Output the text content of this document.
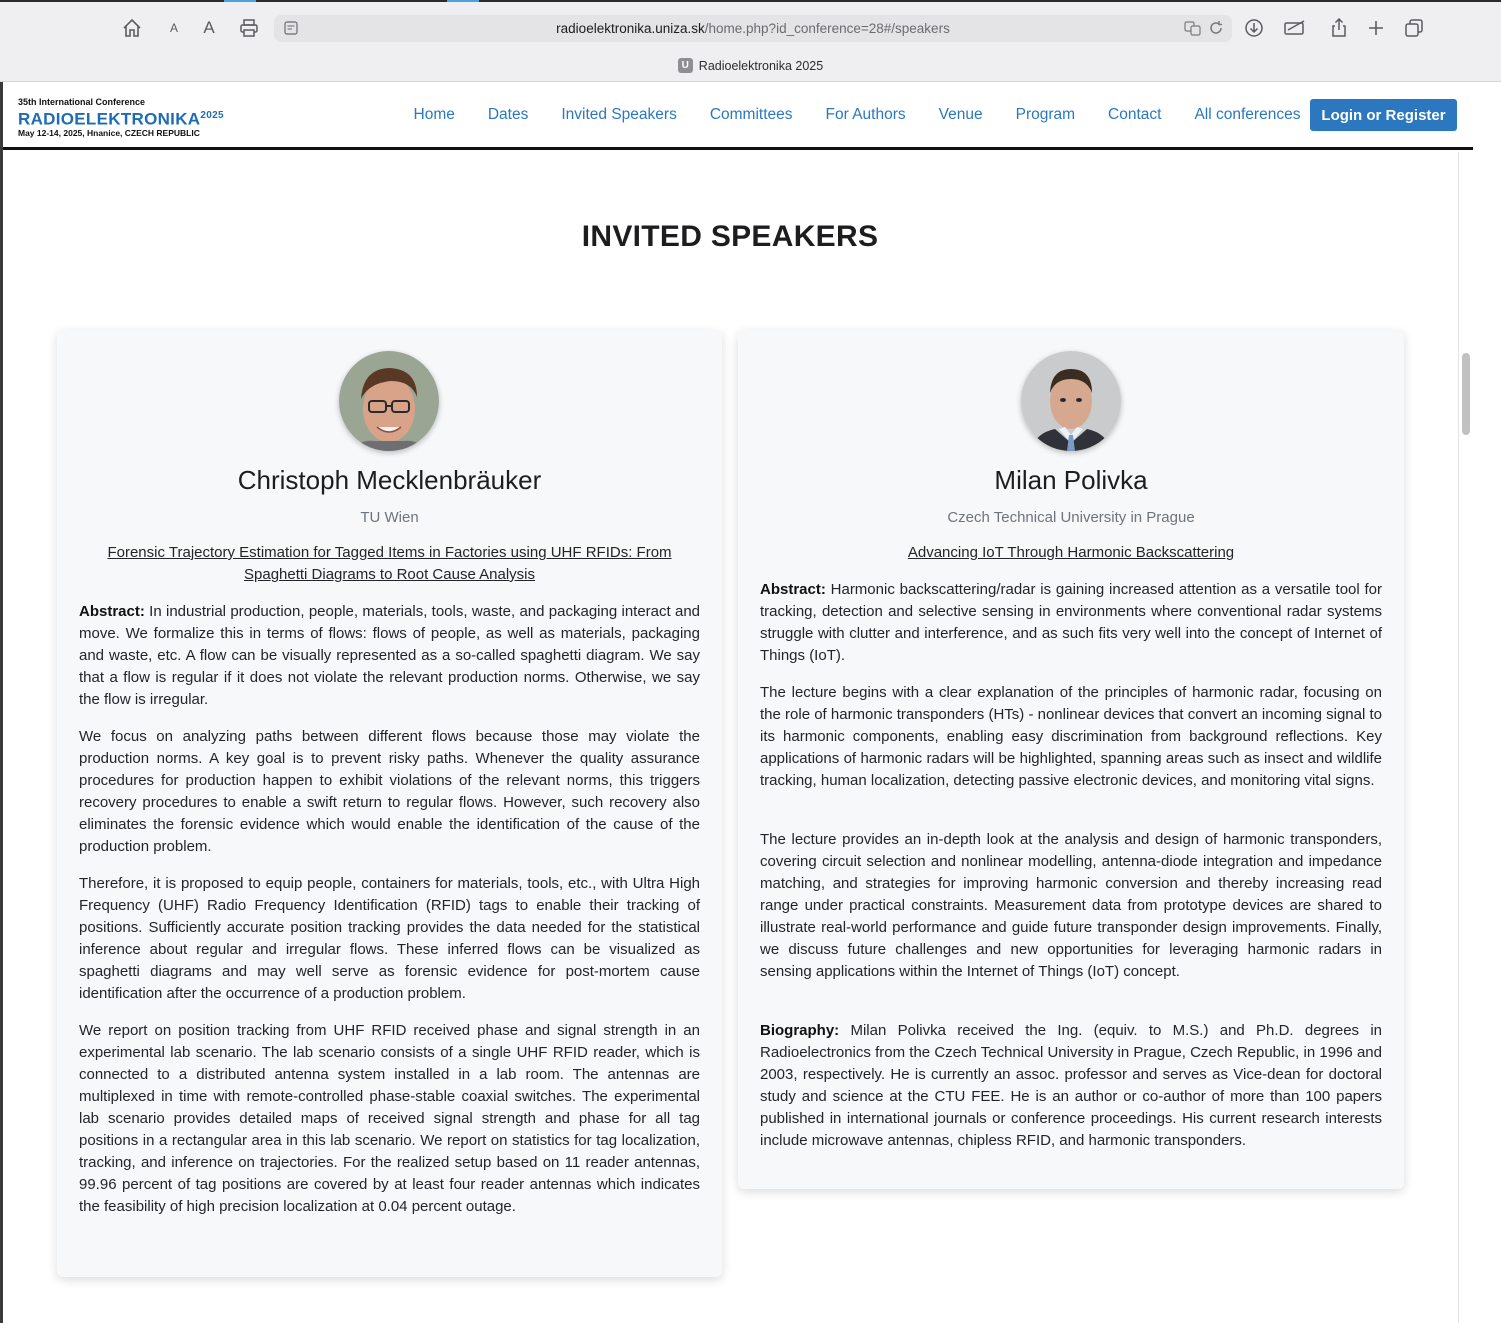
A	A	radioelektronika.uniza.sk /home.php?id_conference=28#/speakers
U Radioelektronika 2025
35th International Conference
$RADIOELEKTRONIKA^{2025}$
May 12-14, 2025, Hnanice, CZECH REPUBLIC
Home	Dates	Invited Speakers	Committees	For Authors	Venue	Program	Contact	All conferences	Login or Register
INVITED SPEAKERS
Christoph Mecklenbräuker
TU Wien
Forensic Trajectory Estimation for Tagged Items in Factories using UHF RFIDs: From Spaghetti Diagrams to Root Cause Analysis

Abstract: In industrial production, people, materials, tools, waste, and packaging interact and move. We formalize this in terms of flows: flows of people, as well as materials, packaging and waste, etc. A flow can be visually represented as a so-called spaghetti diagram. We say that a flow is regular if it does not violate the relevant production norms. Otherwise, we say the flow is irregular.

We focus on analyzing paths between different flows because those may violate the production norms. A key goal is to prevent risky paths. Whenever the quality assurance procedures for production happen to exhibit violations of the relevant norms, this triggers recovery procedures to enable a swift return to regular flows. However, such recovery also eliminates the forensic evidence which would enable the identification of the cause of the production problem.

Therefore, it is proposed to equip people, containers for materials, tools, etc., with Ultra High Frequency (UHF) Radio Frequency Identification (RFID) tags to enable their tracking of positions. Sufficiently accurate position tracking provides the data needed for the statistical inference about regular and irregular flows. These inferred flows can be visualized as spaghetti diagrams and may well serve as forensic evidence for post-mortem cause identification after the occurrence of a production problem.

We report on position tracking from UHF RFID received phase and signal strength in an experimental lab scenario. The lab scenario consists of a single UHF RFID reader, which is connected to a distributed antenna system installed in a lab room. The antennas are multiplexed in time with remote-controlled phase-stable coaxial switches. The experimental lab scenario provides detailed maps of received signal strength and phase for all tag positions in a rectangular area in this lab scenario. We report on statistics for tag localization, tracking, and inference on trajectories. For the realized setup based on 11 reader antennas, 99.96 percent of tag positions are covered by at least four reader antennas which indicates the feasibility of high precision localization at 0.04 percent outage.

Milan Polivka
Czech Technical University in Prague
Advancing IoT Through Harmonic Backscattering

Abstract: Harmonic backscattering/radar is gaining increased attention as a versatile tool for tracking, detection and selective sensing in environments where conventional radar systems struggle with clutter and interference, and as such fits very well into the concept of Internet of Things (IoT).

The lecture begins with a clear explanation of the principles of harmonic radar, focusing on the role of harmonic transponders (HTs) - nonlinear devices that convert an incoming signal to its harmonic components, enabling easy discrimination from background reflections. Key applications of harmonic radars will be highlighted, spanning areas such as insect and wildlife tracking, human localization, detecting passive electronic devices, and monitoring vital signs.

The lecture provides an in-depth look at the analysis and design of harmonic transponders, covering circuit selection and nonlinear modelling, antenna-diode integration and impedance matching, and strategies for improving harmonic conversion and thereby increasing read range under practical constraints. Measurement data from prototype devices are shared to illustrate real-world performance and guide future transponder design improvements. Finally, we discuss future challenges and new opportunities for leveraging harmonic radars in sensing applications within the Internet of Things (IoT) concept.

Biography: Milan Polivka received the Ing. (equiv. to M.S.) and Ph.D. degrees in Radioelectronics from the Czech Technical University in Prague, Czech Republic, in 1996 and 2003, respectively. He is currently an assoc. professor and serves as Vice-dean for doctoral study and science at the CTU FEE. He is an author or co-author of more than 100 papers published in international journals or conference proceedings. His current research interests include microwave antennas, chipless RFID, and harmonic transponders.
